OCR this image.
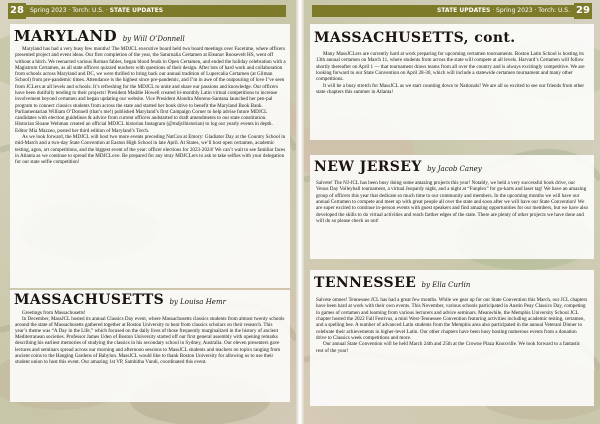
Spring 2023 · Torch: U.S. · STATE UPDATES
28
MARYLAND by Will O’Donnell

Maryland has had a very busy few months! The MDJCL executive board held two board meetings over Facetime, where officers presented project and event ideas. Our first completion of the year, the Saturnalia Certamen at Eleanor Roosevelt HS, went off without a hitch. We reenacted various Roman fables, began blood feuds in Open Certamen, and ended the holiday celebration with a Magistrum Certamen, as all state officers quizzed teachers with questions of their design. After lots of hard work and collaboration from schools across Maryland and DC, we were thrilled to bring back our annual tradition of Lupercalia Certamen (at Gilman School) from pre-pandemic times. Attendance is the highest since pre-pandemic, and I’m in awe of the outpouring of love I’ve seen from JCLers at all levels and schools. It’s refreshing for the MDJCL to unite and share our passions and knowledge. Our officers have been dutifully tending to their projects! President Maddie Howell created bi-monthly Latin virtual competitions to increase involvement beyond certamen and began updating our website. Vice President Alondra Moreno-Santana launched her pen-pal program to connect classics students from across the state and started her book drive to benefit the Maryland Book Bank. Parliamentarian William O’Donnell (that’s me!) published Maryland’s first Campaign Corner to help advise future MDJCL candidates with election guidelines & advice from current officers andstarted to draft amendments to our state constitution. Historian Sloane Wehman created an official MDJCL historian Instagram (@mdjclhistorian) to log our yearly events in depth. Editor Mia Mazzeo, posted her third edition of Maryland’s Torch.

As we look forward, the MDJCL will host two more events preceding NatCon at Emory: Gladiator Day at the Country School in mid-March and a two-day State Convention at Easton High School in late April. At States, we’ll host open certamen, academic testing, agon, art competitions, and the biggest event of the year: officer elections for 2023-2024! We can’t wait to see familiar faces in Atlanta as we continue to spread the MDJCLove. Be prepared for any stray MDJCLers to ask to take selfies with your delegation for our state selfie competition!

MASSACHUSETTS by Louisa Hemr

Greetings from Massachusetts!

In December, MassJCL hosted its annual Classics Day event, where Massachusetts classics students from almost twenty schools around the state of Massachusetts gathered together at Boston University to hear from classics scholars on their research. This year’s theme was “A Day in the Life,” which focused on the daily lives of those frequently marginalized in the history of ancient Mediterranean societies. Professor James Uden of Boston University started off our first general assembly with opening remarks describing his earliest memories of studying the classics in his secondary school in Sydney, Australia. Our eleven presenters gave lectures and seminars spread across our morning and afternoon sessions to MassJCL students and teachers on topics ranging from ancient coins to the Hanging Gardens of Babylon. MassJCL would like to thank Boston University for allowing us to use their student union to host this event. Our amazing 1st VP, Samhitha Vundi, coordinated this event.

STATE UPDATES · Spring 2023 · Torch: U.S. 29
MASSACHUSETTS, cont.

Many MassJCLers are currently hard at work preparing for upcoming certamen tournaments. Boston Latin School is hosting its 13th annual certamen on March 11, where students from across the state will compete at all levels. Harvard’s Certamen will follow shortly thereafter on April 1 — that tournament draws teams from all over the country and is always excitingly competitive. We are looking forward to our State Convention on April 28-30, which will include a statewide certamen tournament and many other competitions.

It will be a busy stretch for MassJCL as we start counting down to Nationals! We are all so excited to see our friends from other state chapters this summer in Atlanta!

NEW JERSEY by Jacob Caney

Salvete! The NJ-JCL has been busy doing some amazing projects this year! Notably, we held a very successful book drive, our Venus Day Volleyball tournament, a virtual Jeopardy night, and a night at “Funplex” for go-karts and laser tag! We have an amazing group of officers this year that dedicate so much time to our community and members. In the upcoming months we will have our annual Certamen to compete and meet up with great people all over the state and soon after we will have our State Convention! We are super excited to continue in-person events with guest speakers and find amazing opportunities for our members, but we have also developed the skills to do virtual activities and reach farther edges of the state. There are plenty of other projects we have done and will do so please check us out!

TENNESSEE by Ella Curlin

Salvete omnes! Tennessee JCL has had a great few months. While we gear up for our State Convention this March, our JCL chapters have been hard at work with their own events. This November, various schools participated in Austin Peay Classics Day, competing in games of certamen and learning from various lecturers and advice seminars. Meanwhile, the Memphis University School JCL chapter hosted the 2022 Fall Festivus, a mini West-Tennessee Convention featuring activities including academic testing, certamen, and a spelling bee. A number of advanced Latin students from the Memphis area also participated in the annual Veterani Dinner to celebrate their achievements in higher-level Latin. Our other chapters have been busy hosting numerous events from a donation drive to Classics week competitions and more.

Our annual State Convention will be held March 24th and 25th at the Crowne Plaza Knoxville. We look forward to a fantastic rest of the year!
